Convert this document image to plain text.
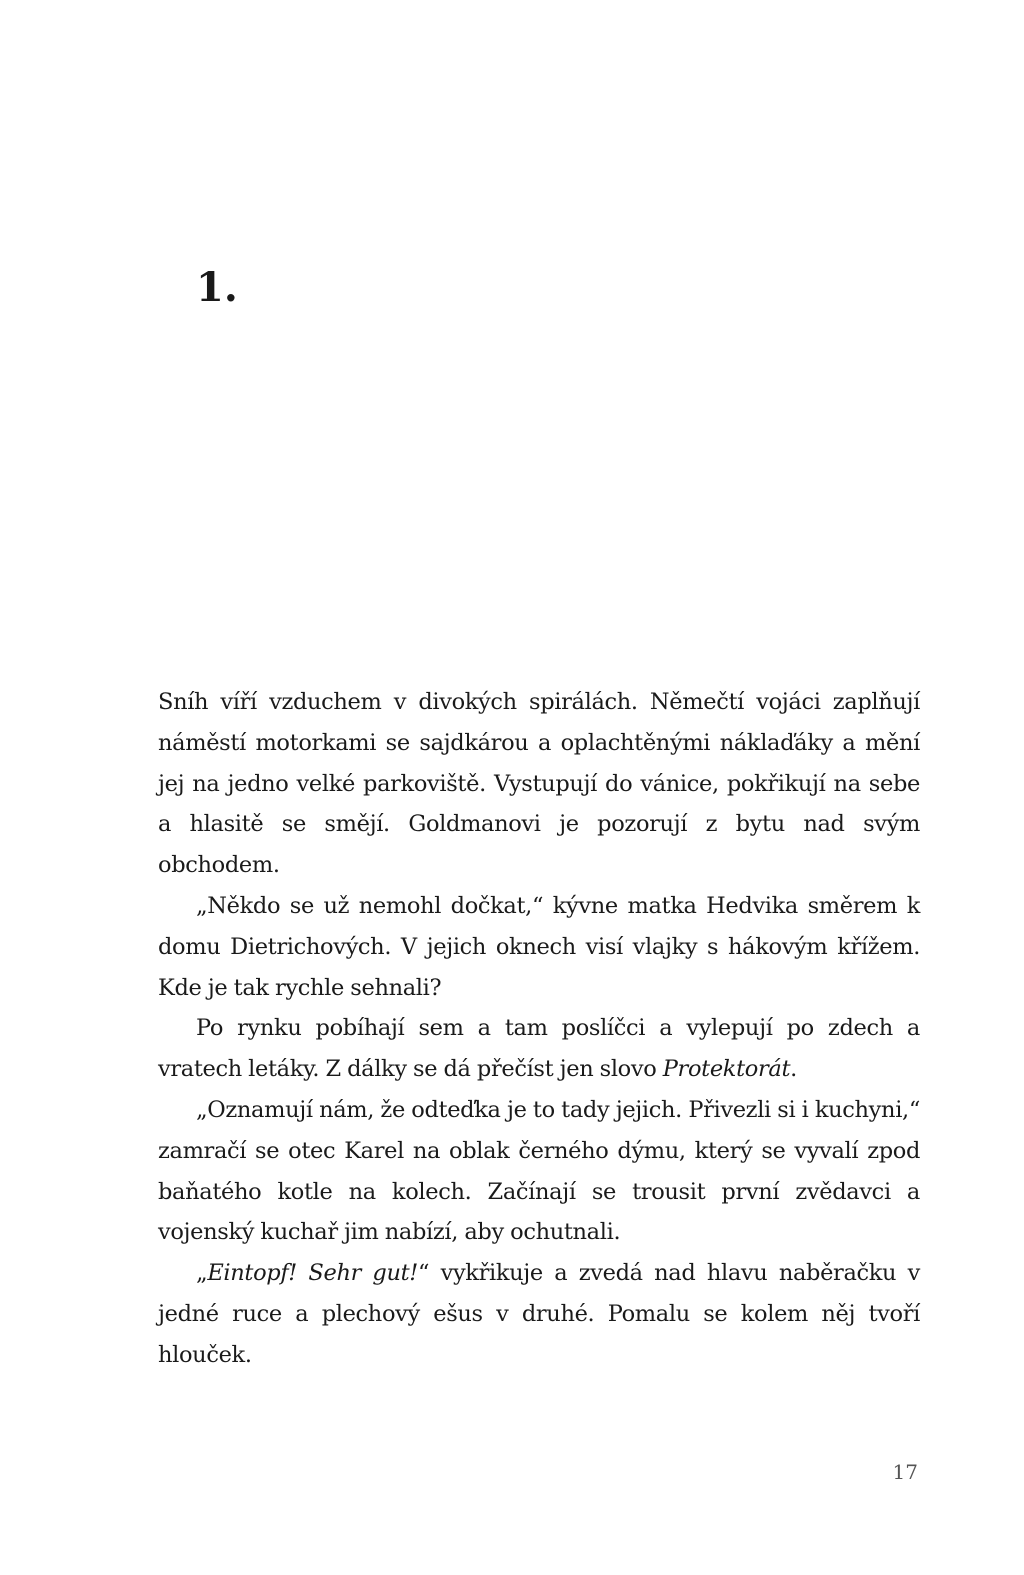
1.

Sníh víří vzduchem v divokých spirálách. Němečtí vojáci zaplňují náměstí motorkami se sajdkárou a oplachtěnými náklaďáky a mění jej na jedno velké parkoviště. Vystupují do vánice, pokřikují na sebe a hlasitě se smějí. Goldmanovi je pozorují z bytu nad svým obchodem.

„Někdo se už nemohl dočkat,“ kývne matka Hedvika směrem k domu Dietrichových. V jejich oknech visí vlajky s hákovým křížem. Kde je tak rychle sehnali?

Po rynku pobíhají sem a tam poslíčci a vylepují po zdech a vratech letáky. Z dálky se dá přečíst jen slovo Protektorát.

„Oznamují nám, že odteďka je to tady jejich. Přivezli si i kuchyni,“ zamračí se otec Karel na oblak černého dýmu, který se vyvalí zpod baňatého kotle na kolech. Začínají se trousit první zvědavci a vojenský kuchař jim nabízí, aby ochutnali.

„Eintopf! Sehr gut!“ vykřikuje a zvedá nad hlavu naběračku v jedné ruce a plechový ešus v druhé. Pomalu se kolem něj tvoří hlouček.

17
